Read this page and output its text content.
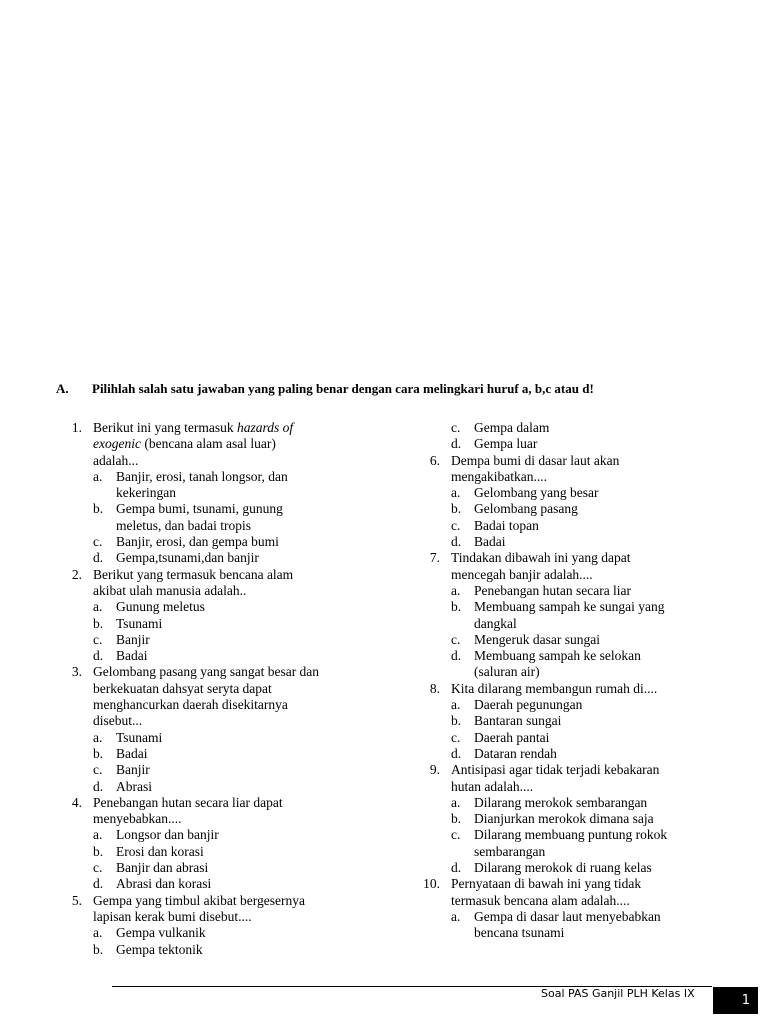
A. Pilihlah salah satu jawaban yang paling benar dengan cara melingkari huruf a, b,c atau d!
1. Berikut ini yang termasuk hazards of
exogenic (bencana alam asal luar)
adalah...
a. Banjir, erosi, tanah longsor, dan
kekeringan
b. Gempa bumi, tsunami, gunung
meletus, dan badai tropis
c. Banjir, erosi, dan gempa bumi
d. Gempa,tsunami,dan banjir
2. Berikut yang termasuk bencana alam
akibat ulah manusia adalah..
a. Gunung meletus
b. Tsunami
c. Banjir
d. Badai
3. Gelombang pasang yang sangat besar dan
berkekuatan dahsyat seryta dapat
menghancurkan daerah disekitarnya
disebut...
a. Tsunami
b. Badai
c. Banjir
d. Abrasi
4. Penebangan hutan secara liar dapat
menyebabkan....
a. Longsor dan banjir
b. Erosi dan korasi
c. Banjir dan abrasi
d. Abrasi dan korasi
5. Gempa yang timbul akibat bergesernya
lapisan kerak bumi disebut....
a. Gempa vulkanik
b. Gempa tektonik
c. Gempa dalam
d. Gempa luar
6. Dempa bumi di dasar laut akan
mengakibatkan....
a. Gelombang yang besar
b. Gelombang pasang
c. Badai topan
d. Badai
7. Tindakan dibawah ini yang dapat
mencegah banjir adalah....
a. Penebangan hutan secara liar
b. Membuang sampah ke sungai yang
dangkal
c. Mengeruk dasar sungai
d. Membuang sampah ke selokan
(saluran air)
8. Kita dilarang membangun rumah di....
a. Daerah pegunungan
b. Bantaran sungai
c. Daerah pantai
d. Dataran rendah
9. Antisipasi agar tidak terjadi kebakaran
hutan adalah....
a. Dilarang merokok sembarangan
b. Dianjurkan merokok dimana saja
c. Dilarang membuang puntung rokok
sembarangan
d. Dilarang merokok di ruang kelas
10. Pernyataan di bawah ini yang tidak
termasuk bencana alam adalah....
a. Gempa di dasar laut menyebabkan
bencana tsunami
Soal PAS Ganjil PLH Kelas IX	1
